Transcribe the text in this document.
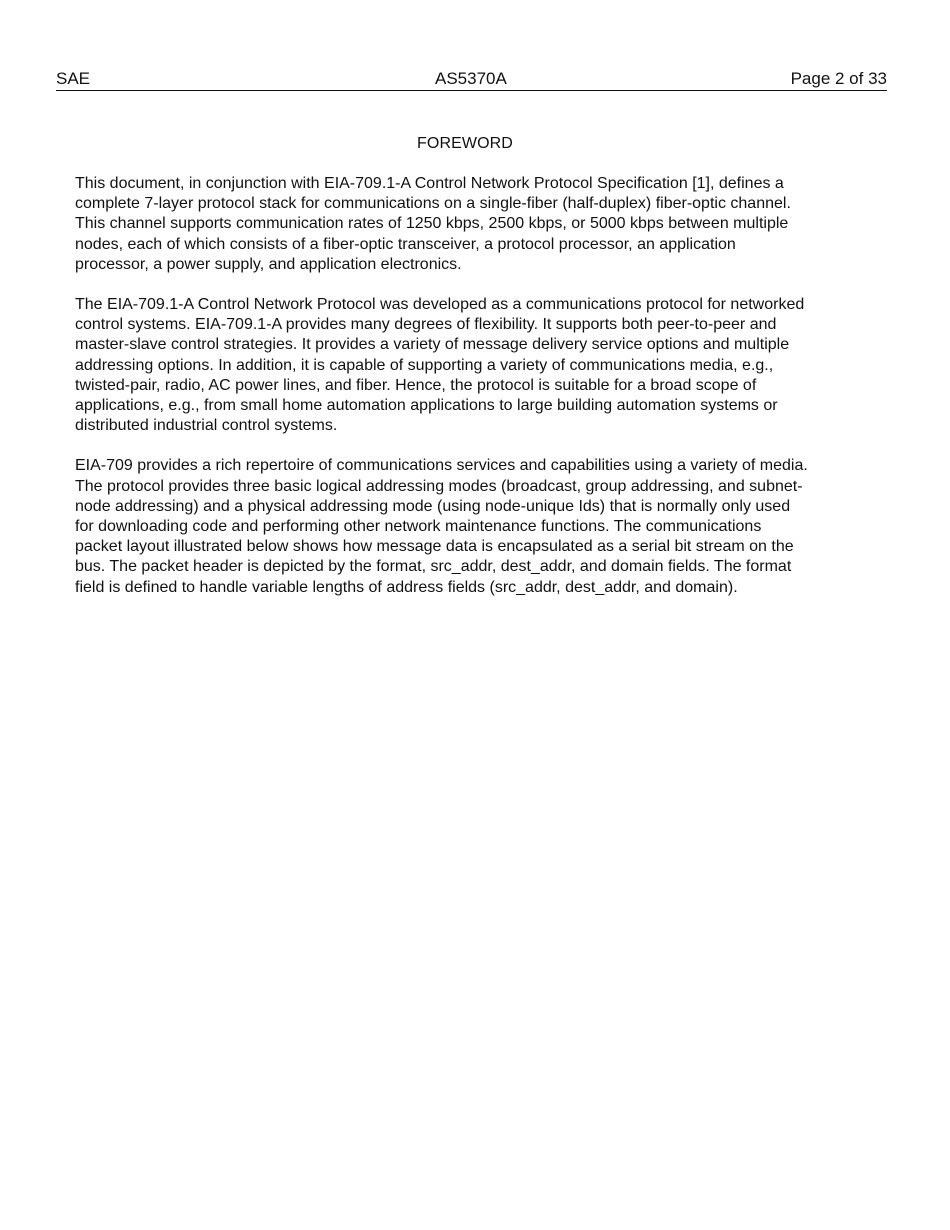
SAE	AS5370A	Page 2 of 33
FOREWORD
This document, in conjunction with EIA-709.1-A Control Network Protocol Specification [1], defines a
complete 7-layer protocol stack for communications on a single-fiber (half-duplex) fiber-optic channel.
This channel supports communication rates of 1250 kbps, 2500 kbps, or 5000 kbps between multiple
nodes, each of which consists of a fiber-optic transceiver, a protocol processor, an application
processor, a power supply, and application electronics.
The EIA-709.1-A Control Network Protocol was developed as a communications protocol for networked
control systems. EIA-709.1-A provides many degrees of flexibility. It supports both peer-to-peer and
master-slave control strategies. It provides a variety of message delivery service options and multiple
addressing options. In addition, it is capable of supporting a variety of communications media, e.g.,
twisted-pair, radio, AC power lines, and fiber. Hence, the protocol is suitable for a broad scope of
applications, e.g., from small home automation applications to large building automation systems or
distributed industrial control systems.
EIA-709 provides a rich repertoire of communications services and capabilities using a variety of media.
The protocol provides three basic logical addressing modes (broadcast, group addressing, and subnet-
node addressing) and a physical addressing mode (using node-unique Ids) that is normally only used
for downloading code and performing other network maintenance functions. The communications
packet layout illustrated below shows how message data is encapsulated as a serial bit stream on the
bus. The packet header is depicted by the format, src_addr, dest_addr, and domain fields. The format
field is defined to handle variable lengths of address fields (src_addr, dest_addr, and domain).
